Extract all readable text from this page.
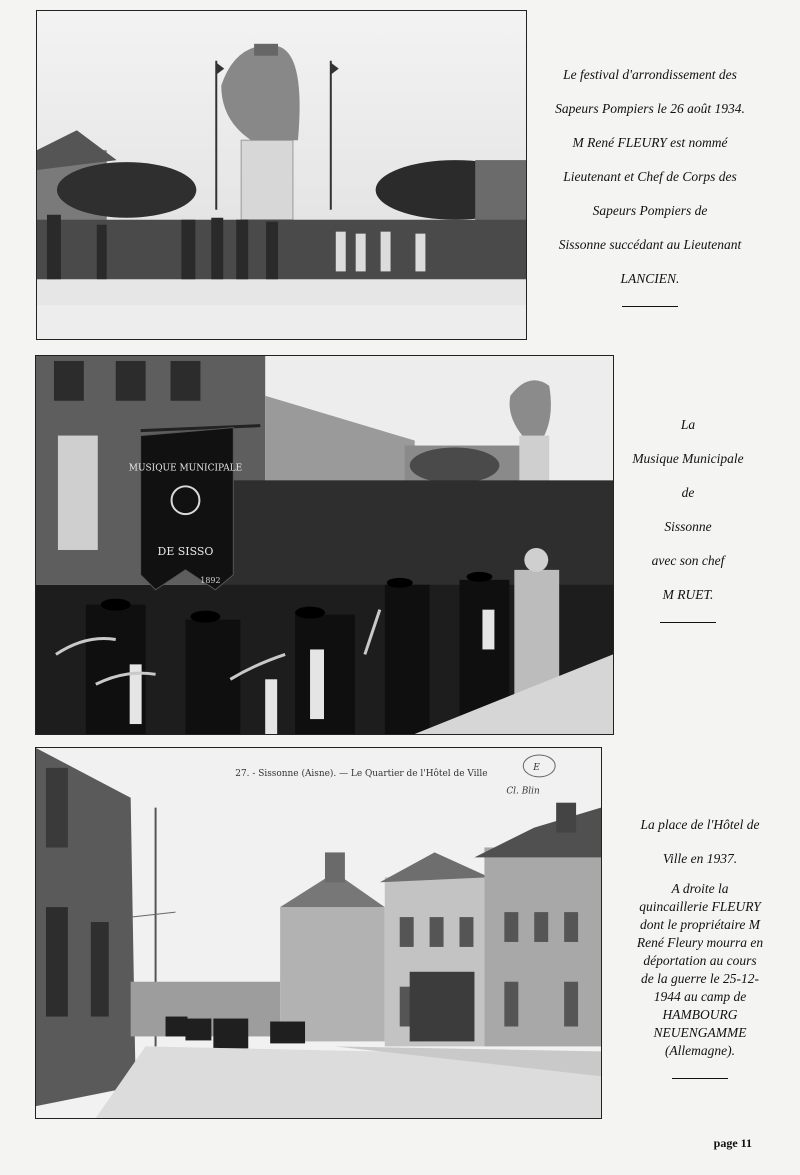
Le festival d'arrondissement des
Sapeurs Pompiers le 26 août 1934.
M René FLEURY est nommé
Lieutenant et Chef de Corps des
Sapeurs Pompiers de
Sissonne succédant au Lieutenant
LANCIEN.
MUSIQUE MUNICIPALE
DE SISSO
1892
La
Musique Municipale
de
Sissonne
avec son chef
M RUET.
27. - Sissonne (Aisne). — Le Quartier de l'Hôtel de Ville
E
Cl. Blin
La place de l'Hôtel de
Ville en 1937.
A droite la
quincaillerie FLEURY
dont le propriétaire M
René Fleury mourra en
déportation au cours
de la guerre le 25-12-
1944 au camp de
HAMBOURG
NEUENGAMME
(Allemagne).
page 11
